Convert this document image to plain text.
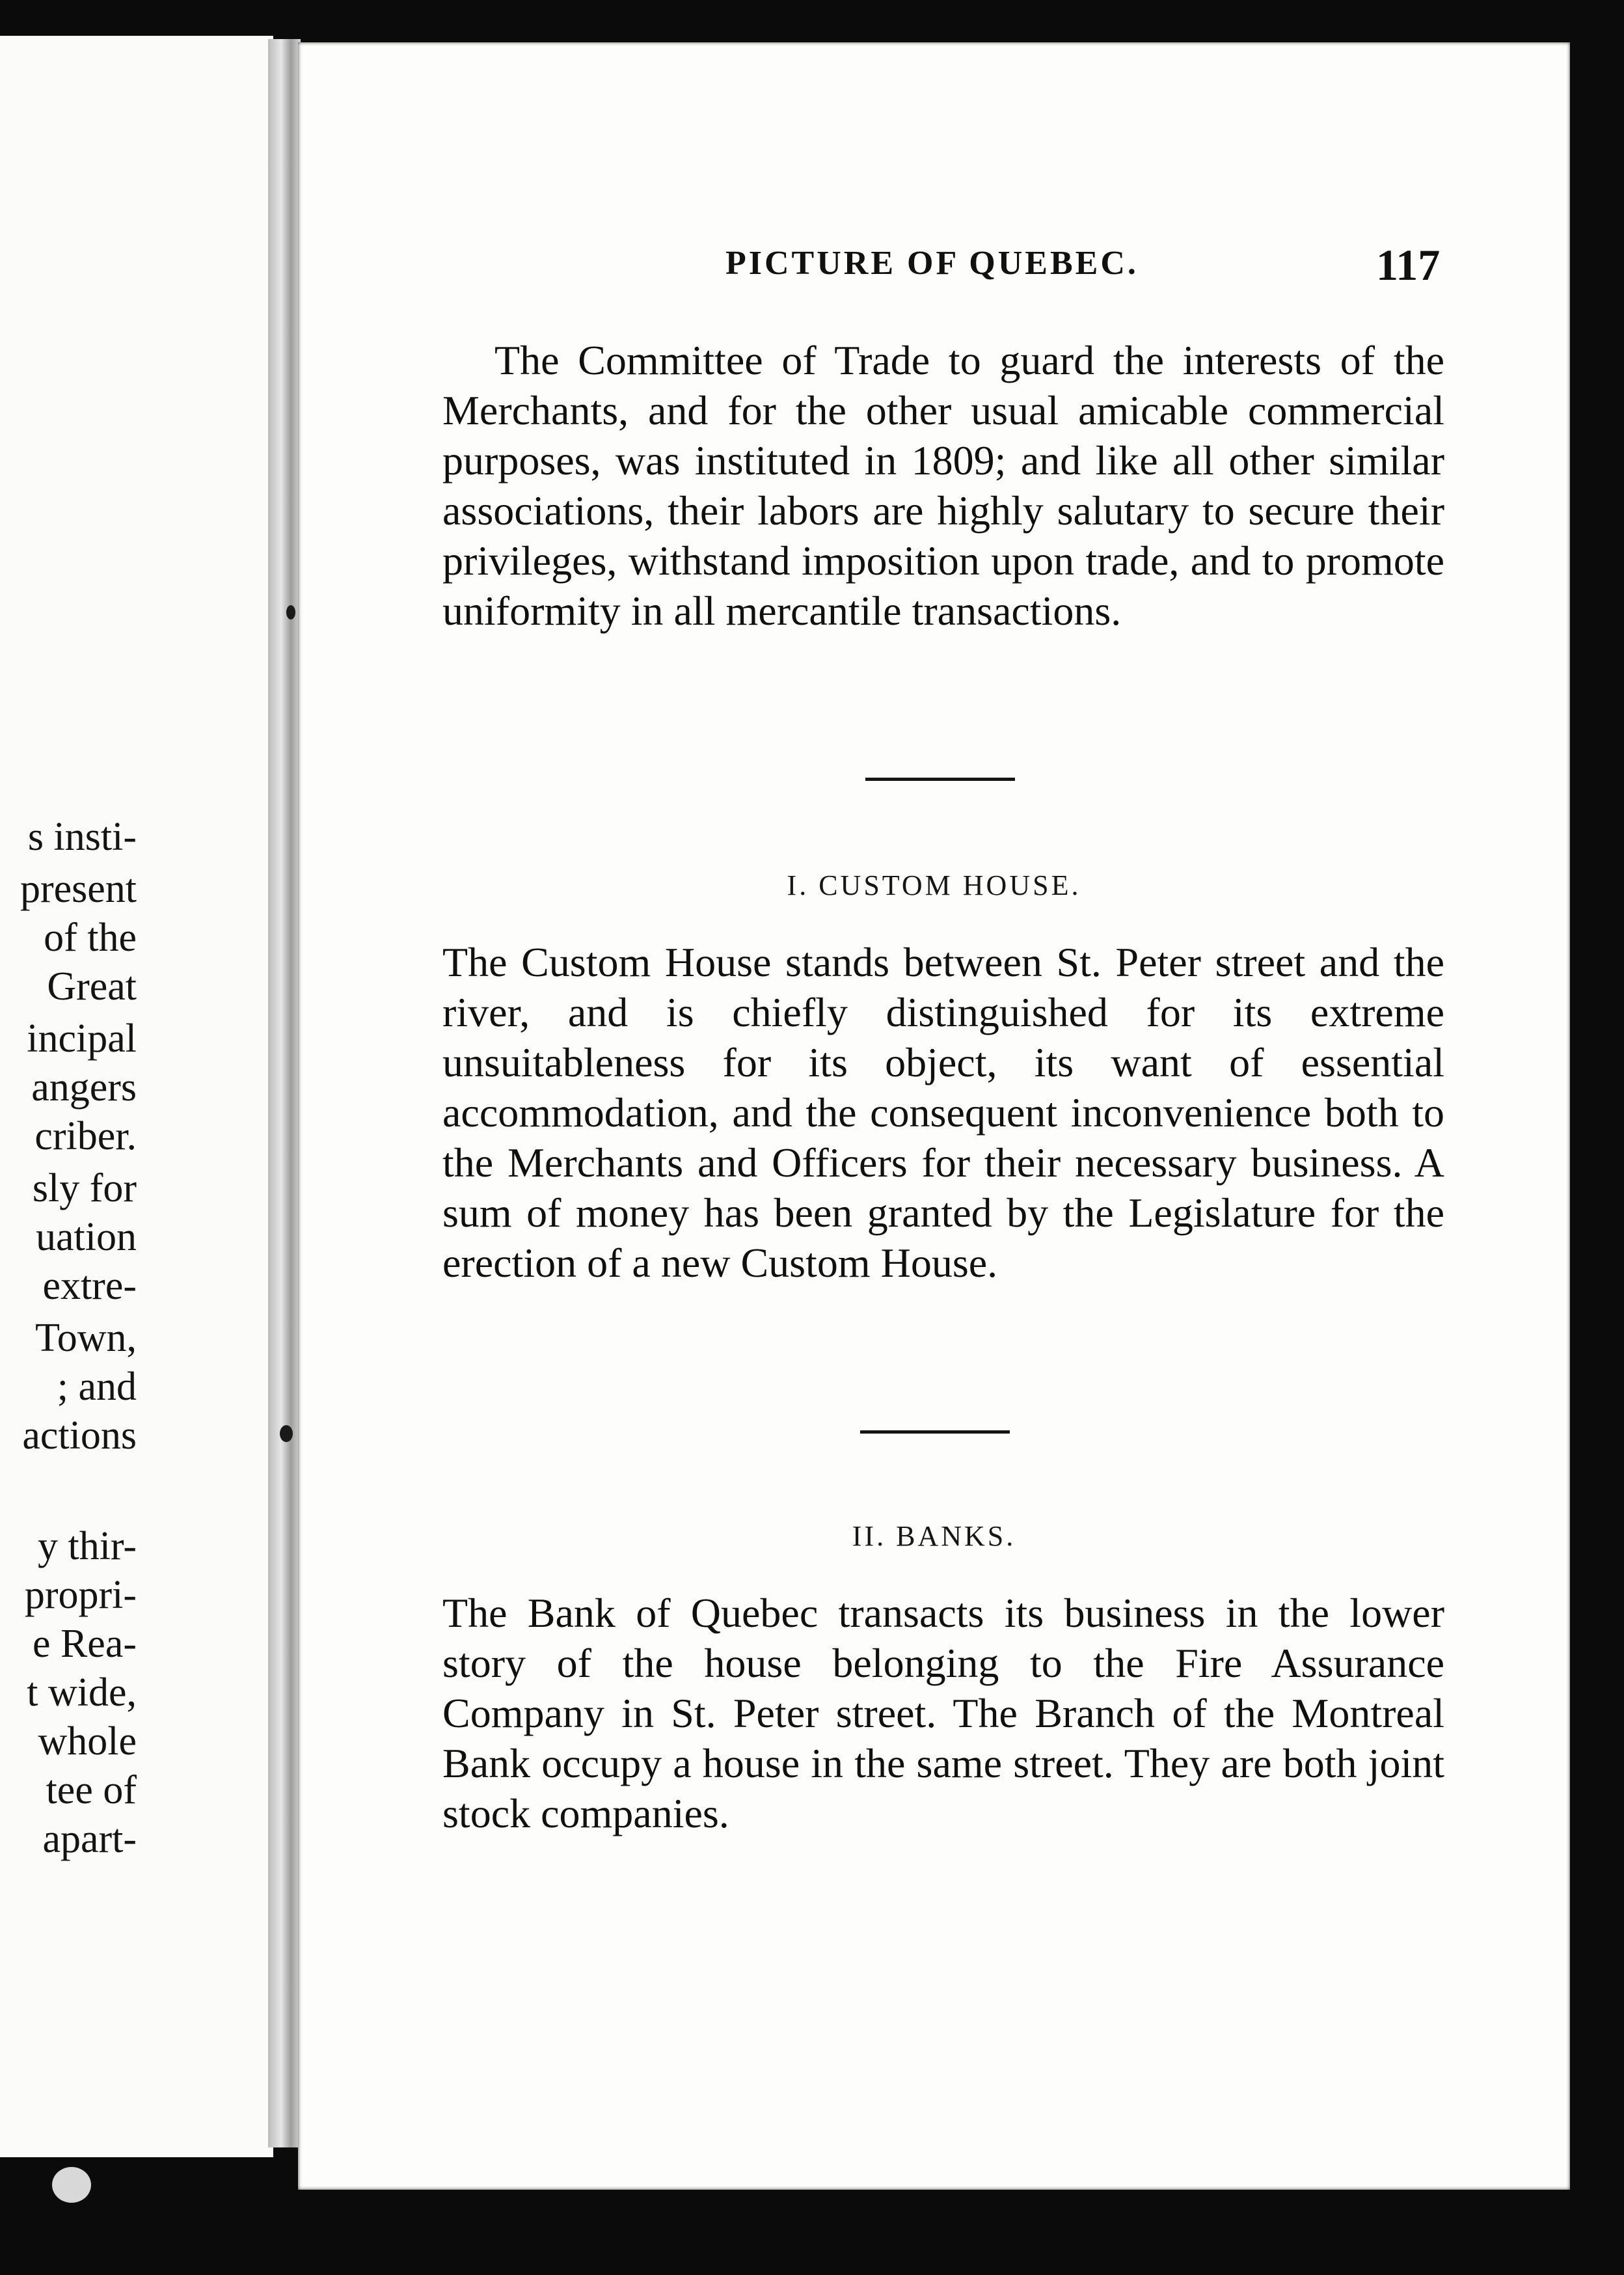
s insti-
present
of the
Great
incipal
angers
criber.
sly for
uation
extre-
Town,
; and
actions
y thir-
propri-
e Rea-
t wide,
whole
tee of
apart-
PICTURE OF QUEBEC.	117
The Committee of Trade to guard the interests of the Merchants, and for the other usual amicable commercial purposes, was instituted in 1809; and like all other similar associations, their labors are highly salutary to secure their privileges, withstand imposition upon trade, and to promote uniformity in all mercantile transactions.
I. CUSTOM HOUSE.
The Custom House stands between St. Peter street and the river, and is chiefly distinguished for its extreme unsuitableness for its object, its want of essential accommodation, and the consequent inconvenience both to the Merchants and Officers for their necessary business. A sum of money has been granted by the Legislature for the erection of a new Custom House.
II. BANKS.
The Bank of Quebec transacts its business in the lower story of the house belonging to the Fire Assurance Company in St. Peter street. The Branch of the Montreal Bank occupy a house in the same street. They are both joint stock companies.
